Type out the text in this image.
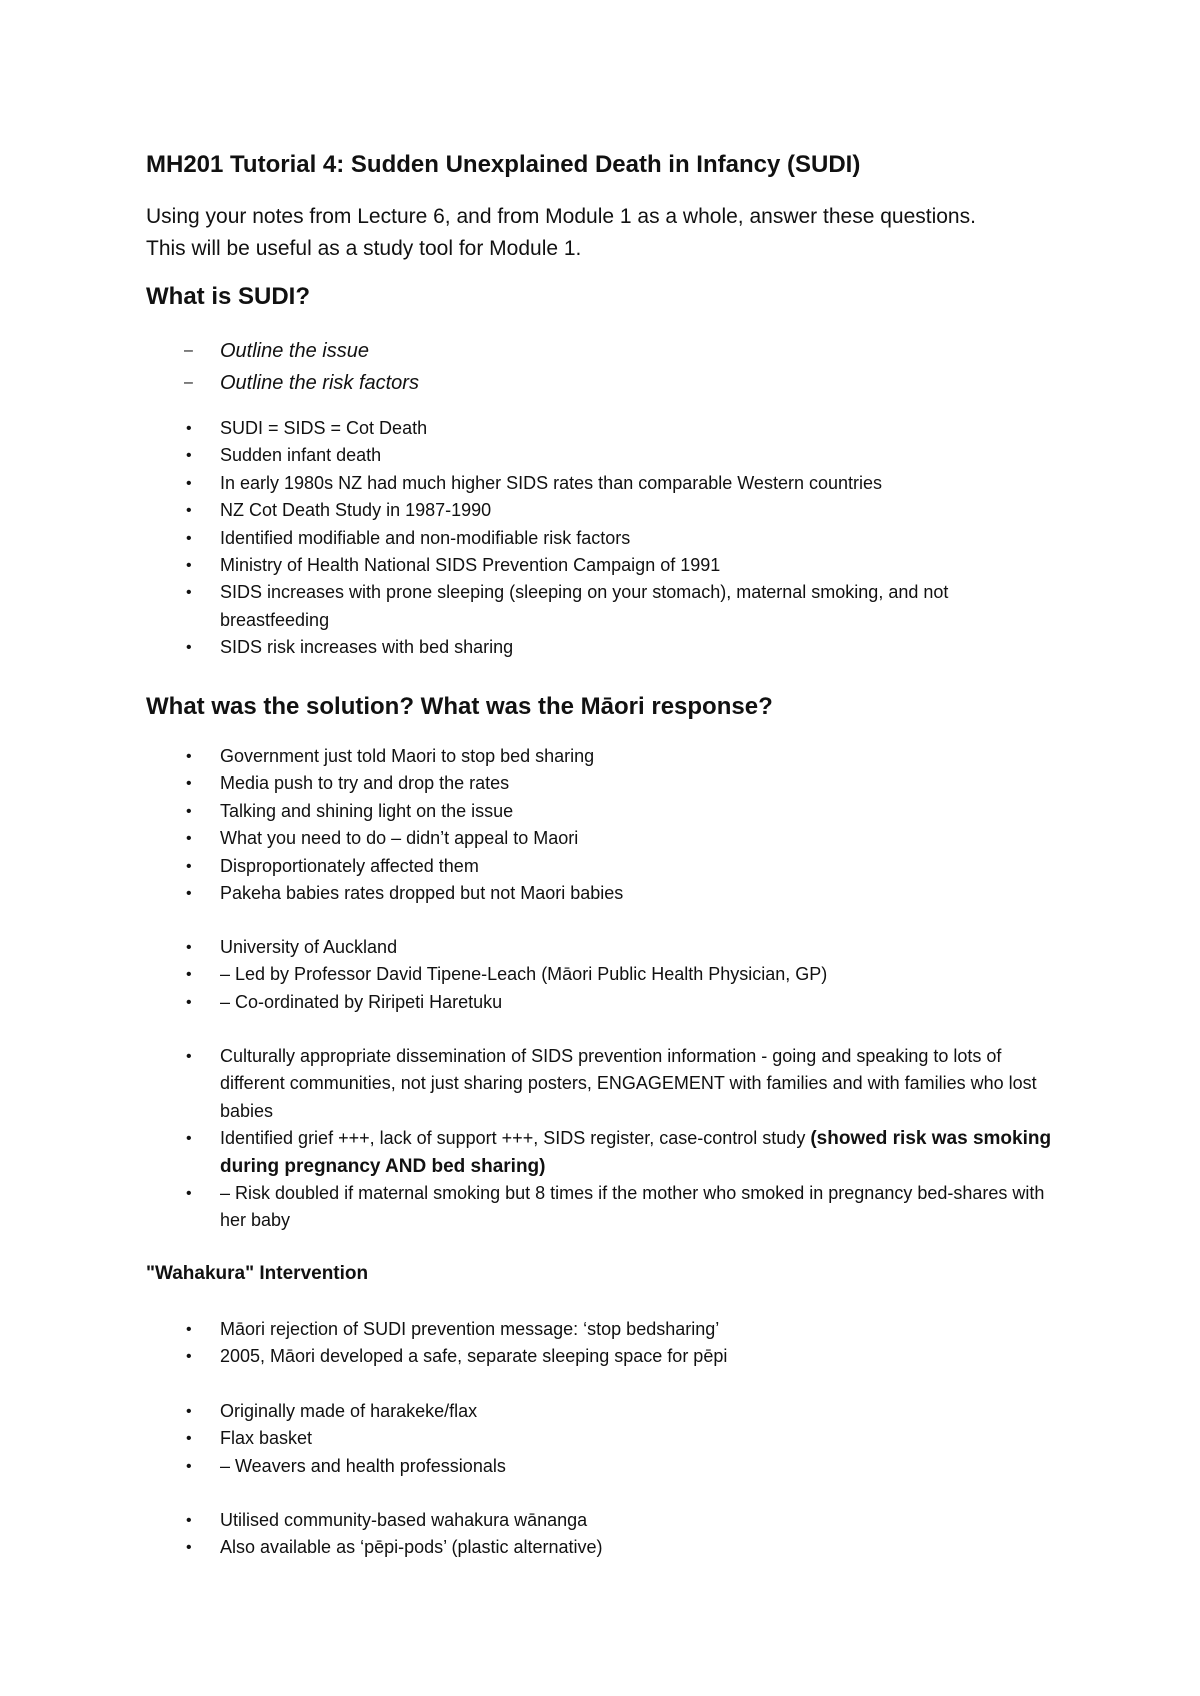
MH201 Tutorial 4: Sudden Unexplained Death in Infancy (SUDI)

Using your notes from Lecture 6, and from Module 1 as a whole, answer these questions.
This will be useful as a study tool for Module 1.

What is SUDI?
–	Outline the issue
–	Outline the risk factors
•	SUDI = SIDS = Cot Death
•	Sudden infant death
•	In early 1980s NZ had much higher SIDS rates than comparable Western countries
•	NZ Cot Death Study in 1987-1990
•	Identified modifiable and non-modifiable risk factors
•	Ministry of Health National SIDS Prevention Campaign of 1991
•	SIDS increases with prone sleeping (sleeping on your stomach), maternal smoking, and not breastfeeding
•	SIDS risk increases with bed sharing
What was the solution? What was the Māori response?
•	Government just told Maori to stop bed sharing
•	Media push to try and drop the rates
•	Talking and shining light on the issue
•	What you need to do – didn’t appeal to Maori
•	Disproportionately affected them
•	Pakeha babies rates dropped but not Maori babies
•	University of Auckland
•	– Led by Professor David Tipene-Leach (Māori Public Health Physician, GP)
•	– Co-ordinated by Riripeti Haretuku
•	Culturally appropriate dissemination of SIDS prevention information - going and speaking to lots of different communities, not just sharing posters, ENGAGEMENT with families and with families who lost babies
•	Identified grief +++, lack of support +++, SIDS register, case-control study (showed risk was smoking during pregnancy AND bed sharing)
•	– Risk doubled if maternal smoking but 8 times if the mother who smoked in pregnancy bed-shares with her baby
"Wahakura" Intervention
•	Māori rejection of SUDI prevention message: ‘stop bedsharing’
•	2005, Māori developed a safe, separate sleeping space for pēpi
•	Originally made of harakeke/flax
•	Flax basket
•	– Weavers and health professionals
•	Utilised community-based wahakura wānanga
•	Also available as ‘pēpi-pods’ (plastic alternative)
